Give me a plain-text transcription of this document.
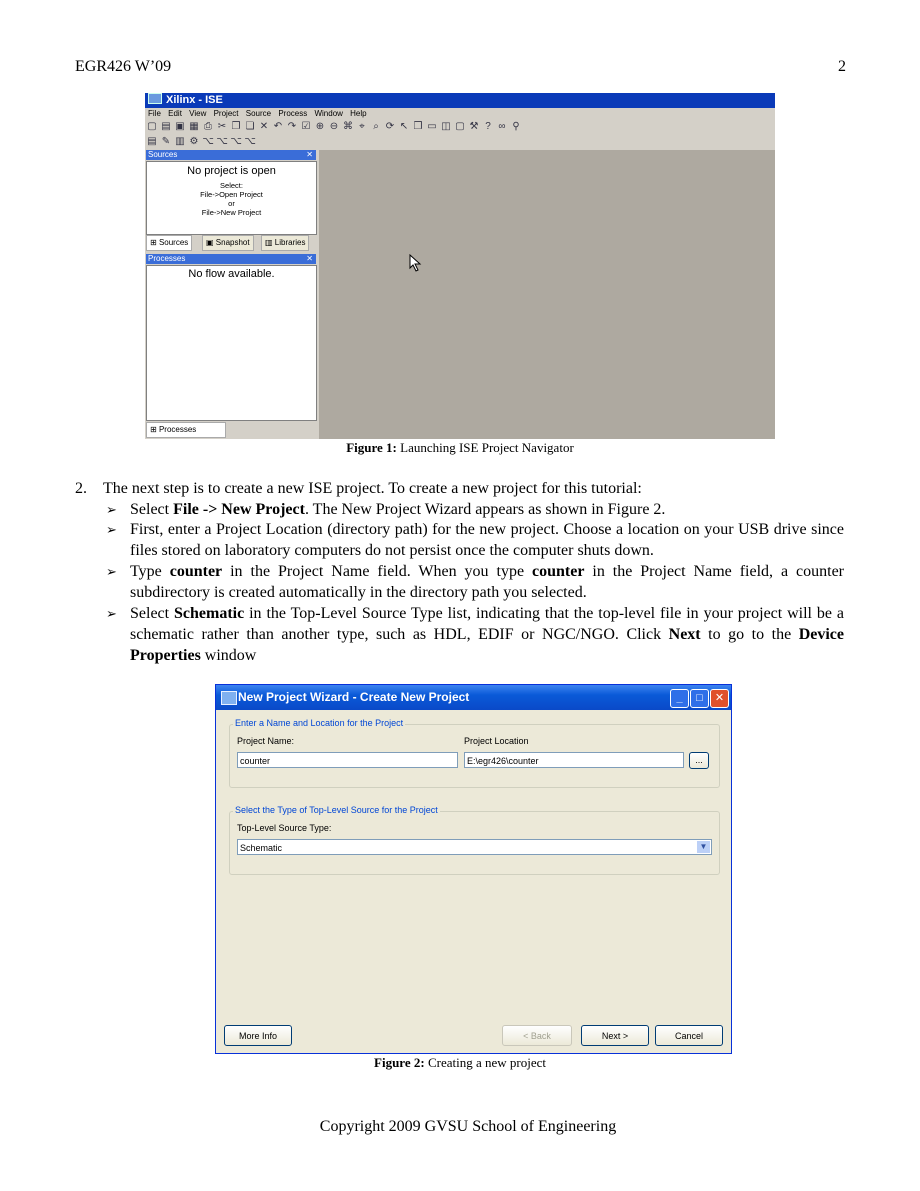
EGR426 W’09	2
Xilinx - ISE
File Edit View Project Source Process Window Help
▢ ▤ ▣ ▦ ⎙ ✂ ❐ ❏ ✕ ↶ ↷ ☑ ⊕ ⊖ ⌘ ⌖ ⌕ ⟳ ↖ ❒ ▭ ◫ ▢ ⚒ ? ∞ ⚲
▤ ✎ ▥ ⚙ ⌥ ⌥ ⌥ ⌥
Sources	✕
No project is open
Select:
File->Open Project
or
File->New Project
⊞ Sources	▣ Snapshot	▥ Libraries
Processes	✕
No flow available.
⊞ Processes
Figure 1: Launching ISE Project Navigator
2. The next step is to create a new ISE project. To create a new project for this tutorial:
➢ Select File -> New Project. The New Project Wizard appears as shown in Figure 2.
➢ First, enter a Project Location (directory path) for the new project. Choose a location on your USB drive since files stored on laboratory computers do not persist once the computer shuts down.
➢ Type counter in the Project Name field. When you type counter in the Project Name field, a counter subdirectory is created automatically in the directory path you selected.
➢ Select Schematic in the Top-Level Source Type list, indicating that the top-level file in your project will be a schematic rather than another type, such as HDL, EDIF or NGC/NGO. Click Next to go to the Device Properties window
New Project Wizard - Create New Project	_	□	✕
Enter a Name and Location for the Project
Project Name:
counter
Project Location
E:\egr426\counter	...
Select the Type of Top-Level Source for the Project
Top-Level Source Type:
Schematic	▼
More Info	< Back	Next >	Cancel
Figure 2: Creating a new project
Copyright 2009 GVSU School of Engineering
